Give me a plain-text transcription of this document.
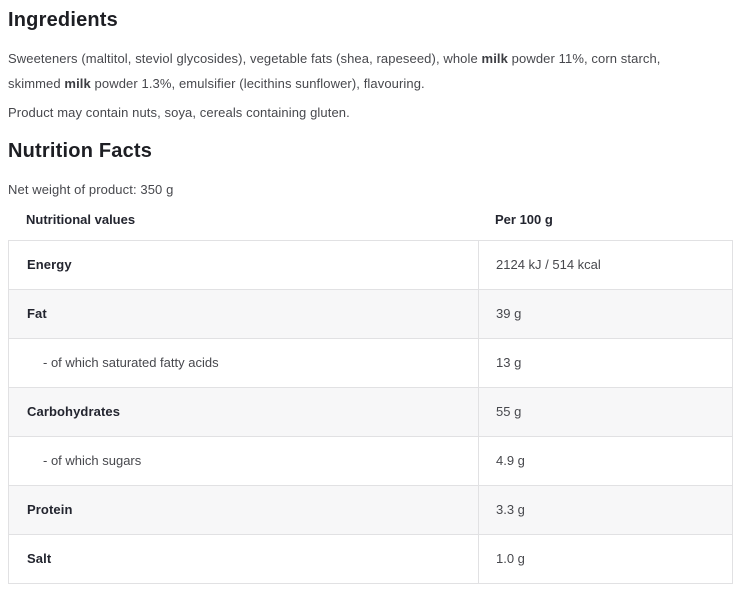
Ingredients

Sweeteners (maltitol, steviol glycosides), vegetable fats (shea, rapeseed), whole milk powder 11%, corn starch, skimmed milk powder 1.3%, emulsifier (lecithins sunflower), flavouring.

Product may contain nuts, soya, cereals containing gluten.

Nutrition Facts

Net weight of product: 350 g

Nutritional values	Per 100 g
Energy	2124 kJ / 514 kcal
Fat	39 g
- of which saturated fatty acids	13 g
Carbohydrates	55 g
- of which sugars	4.9 g
Protein	3.3 g
Salt	1.0 g
